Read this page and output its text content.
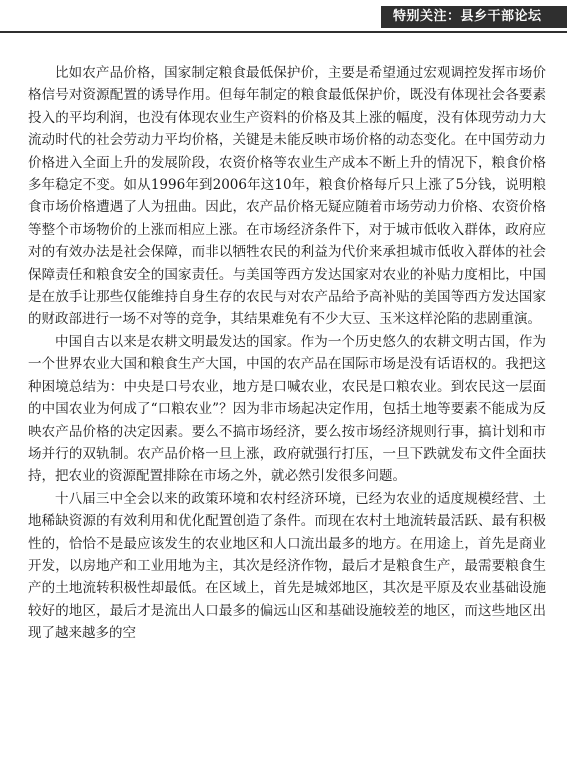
特别关注：县乡干部论坛

比如农产品价格，国家制定粮食最低保护价，主要是希望通过宏观调控发挥市场价格信号对资源配置的诱导作用。但每年制定的粮食最低保护价，既没有体现社会各要素投入的平均利润，也没有体现农业生产资料的价格及其上涨的幅度，没有体现劳动力大流动时代的社会劳动力平均价格，关键是未能反映市场价格的动态变化。在中国劳动力价格进入全面上升的发展阶段，农资价格等农业生产成本不断上升的情况下，粮食价格多年稳定不变。如从1996年到2006年这10年，粮食价格每斤只上涨了5分钱，说明粮食市场价格遭遇了人为扭曲。因此，农产品价格无疑应随着市场劳动力价格、农资价格等整个市场物价的上涨而相应上涨。在市场经济条件下，对于城市低收入群体，政府应对的有效办法是社会保障，而非以牺牲农民的利益为代价来承担城市低收入群体的社会保障责任和粮食安全的国家责任。与美国等西方发达国家对农业的补贴力度相比，中国是在放手让那些仅能维持自身生存的农民与对农产品给予高补贴的美国等西方发达国家的财政部进行一场不对等的竞争，其结果难免有不少大豆、玉米这样沦陷的悲剧重演。

中国自古以来是农耕文明最发达的国家。作为一个历史悠久的农耕文明古国，作为一个世界农业大国和粮食生产大国，中国的农产品在国际市场是没有话语权的。我把这种困境总结为：中央是口号农业，地方是口喊农业，农民是口粮农业。到农民这一层面的中国农业为何成了“口粮农业”？因为非市场起决定作用，包括土地等要素不能成为反映农产品价格的决定因素。要么不搞市场经济，要么按市场经济规则行事，搞计划和市场并行的双轨制。农产品价格一旦上涨，政府就强行打压，一旦下跌就发布文件全面扶持，把农业的资源配置排除在市场之外，就必然引发很多问题。

十八届三中全会以来的政策环境和农村经济环境，已经为农业的适度规模经营、土地稀缺资源的有效利用和优化配置创造了条件。而现在农村土地流转最活跃、最有积极性的，恰恰不是最应该发生的农业地区和人口流出最多的地方。在用途上，首先是商业开发，以房地产和工业用地为主，其次是经济作物，最后才是粮食生产，最需要粮食生产的土地流转积极性却最低。在区域上，首先是城郊地区，其次是平原及农业基础设施较好的地区，最后才是流出人口最多的偏远山区和基础设施较差的地区，而这些地区出现了越来越多的空
